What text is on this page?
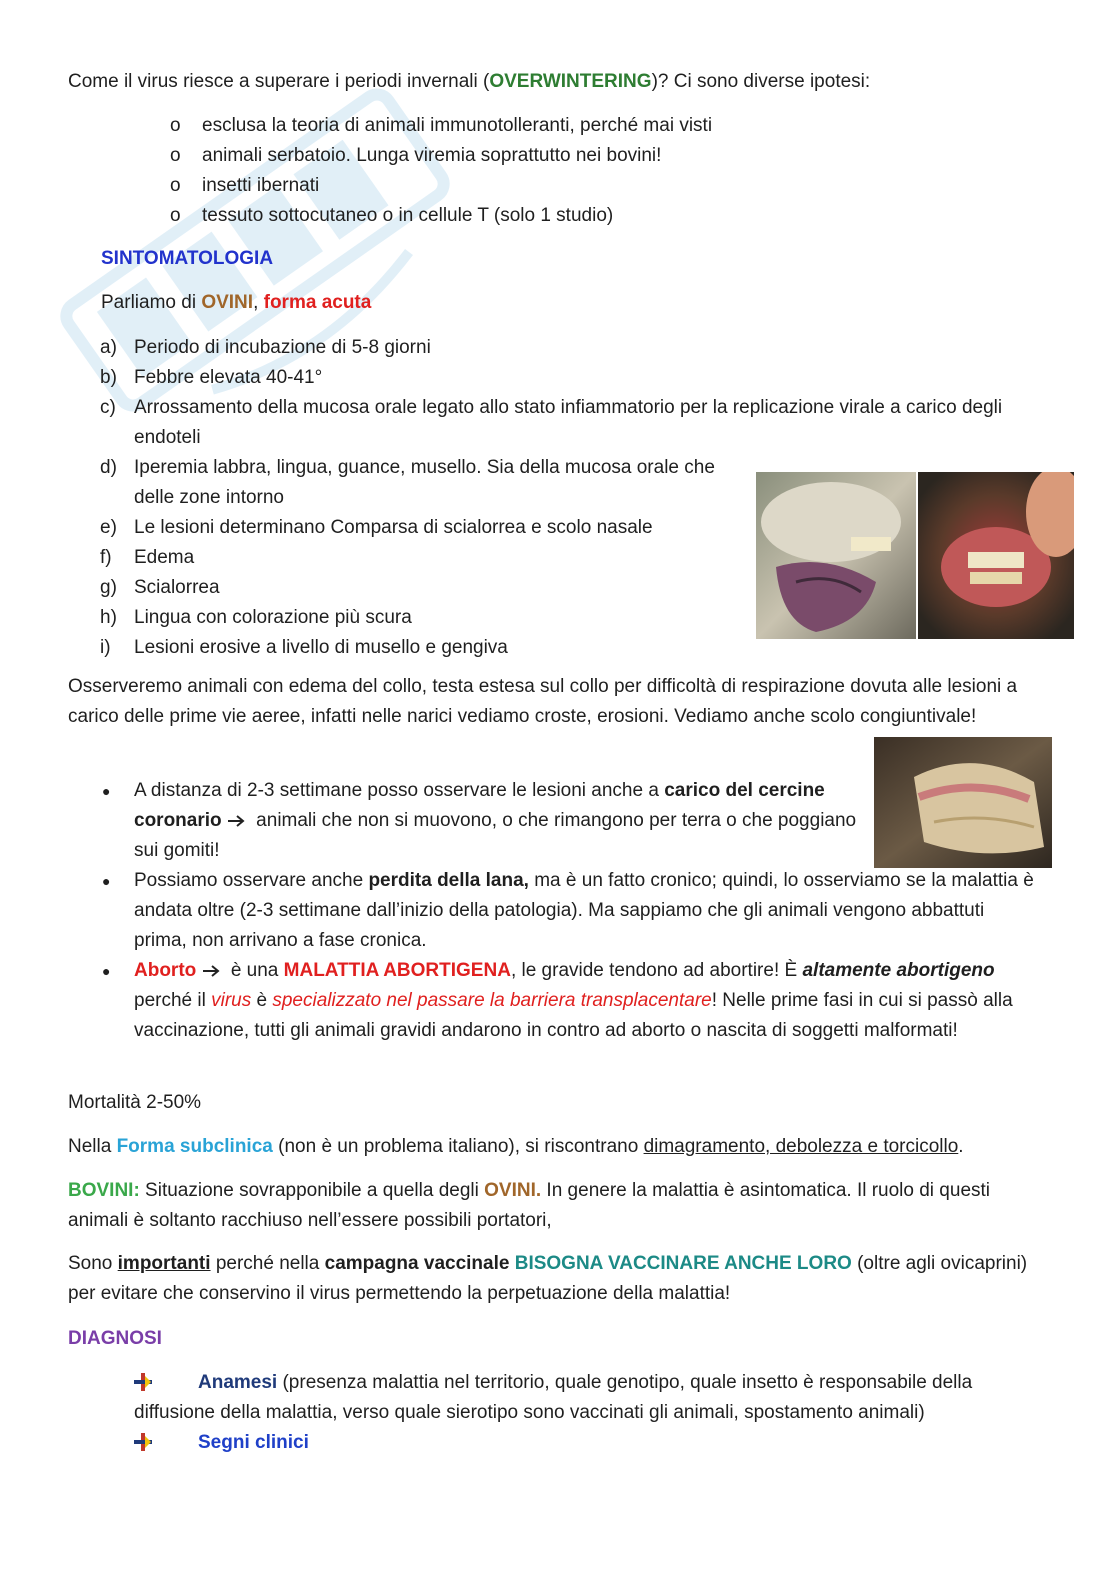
Come il virus riesce a superare i periodi invernali (OVERWINTERING)? Ci sono diverse ipotesi:

o esclusa la teoria di animali immunotolleranti, perché mai visti
o animali serbatoio. Lunga viremia soprattutto nei bovini!
o insetti ibernati
o tessuto sottocutaneo o in cellule T (solo 1 studio)

SINTOMATOLOGIA

Parliamo di OVINI, forma acuta

a) Periodo di incubazione di 5-8 giorni
b) Febbre elevata 40-41°
c) Arrossamento della mucosa orale legato allo stato infiammatorio per la replicazione virale a carico degli endoteli
d) Iperemia labbra, lingua, guance, musello. Sia della mucosa orale che delle zone intorno
e) Le lesioni determinano Comparsa di scialorrea e scolo nasale
f) Edema
g) Scialorrea
h) Lingua con colorazione più scura
i) Lesioni erosive a livello di musello e gengiva

Osserveremo animali con edema del collo, testa estesa sul collo per difficoltà di respirazione dovuta alle lesioni a carico delle prime vie aeree, infatti nelle narici vediamo croste, erosioni. Vediamo anche scolo congiuntivale!

● A distanza di 2-3 settimane posso osservare le lesioni anche a carico del cercine coronario  animali che non si muovono, o che rimangono per terra o che poggiano sui gomiti!
● Possiamo osservare anche perdita della lana, ma è un fatto cronico; quindi, lo osserviamo se la malattia è andata oltre (2-3 settimane dall’inizio della patologia). Ma sappiamo che gli animali vengono abbattuti prima, non arrivano a fase cronica.
● Aborto  è una MALATTIA ABORTIGENA, le gravide tendono ad abortire! È altamente abortigeno perché il virus è specializzato nel passare la barriera transplacentare! Nelle prime fasi in cui si passò alla vaccinazione, tutti gli animali gravidi andarono in contro ad aborto o nascita di soggetti malformati!

Mortalità 2-50%

Nella Forma subclinica (non è un problema italiano), si riscontrano dimagramento, debolezza e torcicollo.

BOVINI: Situazione sovrapponibile a quella degli OVINI. In genere la malattia è asintomatica. Il ruolo di questi animali è soltanto racchiuso nell’essere possibili portatori,

Sono importanti perché nella campagna vaccinale BISOGNA VACCINARE ANCHE LORO (oltre agli ovicaprini) per evitare che conservino il virus permettendo la perpetuazione della malattia!

DIAGNOSI

Anamesi (presenza malattia nel territorio, quale genotipo, quale insetto è responsabile della diffusione della malattia, verso quale sierotipo sono vaccinati gli animali, spostamento animali)
Segni clinici
